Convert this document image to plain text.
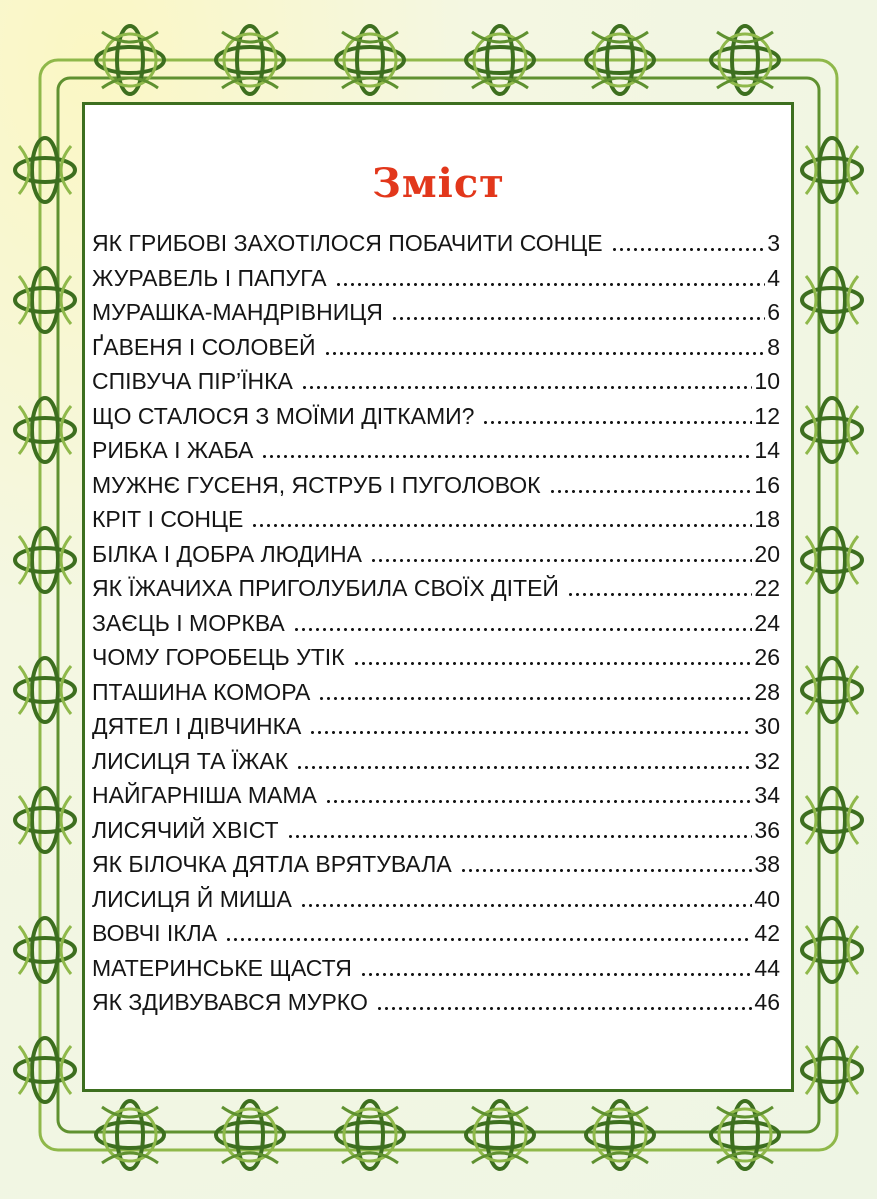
Зміст
ЯК ГРИБОВІ ЗАХОТІЛОСЯ ПОБАЧИТИ СОНЦЕ	3
ЖУРАВЕЛЬ І ПАПУГА	4
МУРАШКА-МАНДРІВНИЦЯ	6
ҐАВЕНЯ І СОЛОВЕЙ	8
СПІВУЧА ПІР’ЇНКА	10
ЩО СТАЛОСЯ З МОЇМИ ДІТКАМИ?	12
РИБКА І ЖАБА	14
МУЖНЄ ГУСЕНЯ, ЯСТРУБ І ПУГОЛОВОК	16
КРІТ І СОНЦЕ	18
БІЛКА І ДОБРА ЛЮДИНА	20
ЯК ЇЖАЧИХА ПРИГОЛУБИЛА СВОЇХ ДІТЕЙ	22
ЗАЄЦЬ І МОРКВА	24
ЧОМУ ГОРОБЕЦЬ УТІК	26
ПТАШИНА КОМОРА	28
ДЯТЕЛ І ДІВЧИНКА	30
ЛИСИЦЯ ТА ЇЖАК	32
НАЙГАРНІША МАМА	34
ЛИСЯЧИЙ ХВІСТ	36
ЯК БІЛОЧКА ДЯТЛА ВРЯТУВАЛА	38
ЛИСИЦЯ Й МИША	40
ВОВЧІ ІКЛА	42
МАТЕРИНСЬКЕ ЩАСТЯ	44
ЯК ЗДИВУВАВСЯ МУРКО	46
